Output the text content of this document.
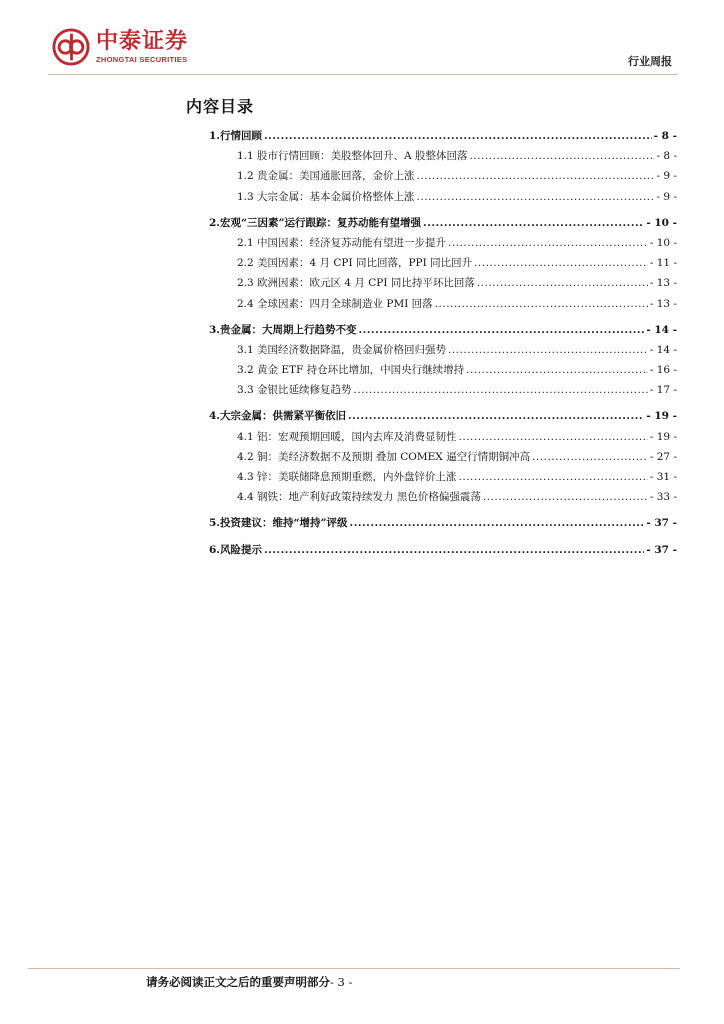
中泰证券
ZHONGTAI SECURITIES	行业周报
内容目录
1.行情回顾 .....	- 8 -
1.1 股市行情回顾：美股整体回升、A 股整体回落 .....	- 8 -
1.2 贵金属：美国通胀回落，金价上涨 .....	- 9 -
1.3 大宗金属：基本金属价格整体上涨 .....	- 9 -
2.宏观“三因素”运行跟踪：复苏动能有望增强 .....	- 10 -
2.1 中国因素：经济复苏动能有望进一步提升 .....	- 10 -
2.2 美国因素：4 月 CPI 同比回落，PPI 同比回升 .....	- 11 -
2.3 欧洲因素：欧元区 4 月 CPI 同比持平环比回落 .....	- 13 -
2.4 全球因素：四月全球制造业 PMI 回落 .....	- 13 -
3.贵金属：大周期上行趋势不变 .....	- 14 -
3.1 美国经济数据降温，贵金属价格回归强势 .....	- 14 -
3.2 黄金 ETF 持仓环比增加，中国央行继续增持 .....	- 16 -
3.3 金银比延续修复趋势 .....	- 17 -
4.大宗金属：供需紧平衡依旧 .....	- 19 -
4.1 铝：宏观预期回暖，国内去库及消费显韧性 .....	- 19 -
4.2 铜：美经济数据不及预期 叠加 COMEX 逼空行情期铜冲高 .....	- 27 -
4.3 锌：美联储降息预期重燃，内外盘锌价上涨 .....	- 31 -
4.4 钢铁：地产利好政策持续发力 黑色价格偏强震荡 .....	- 33 -
5.投资建议：维持“增持”评级 .....	- 37 -
6.风险提示 .....	- 37 -
请务必阅读正文之后的重要声明部分- 3 -
